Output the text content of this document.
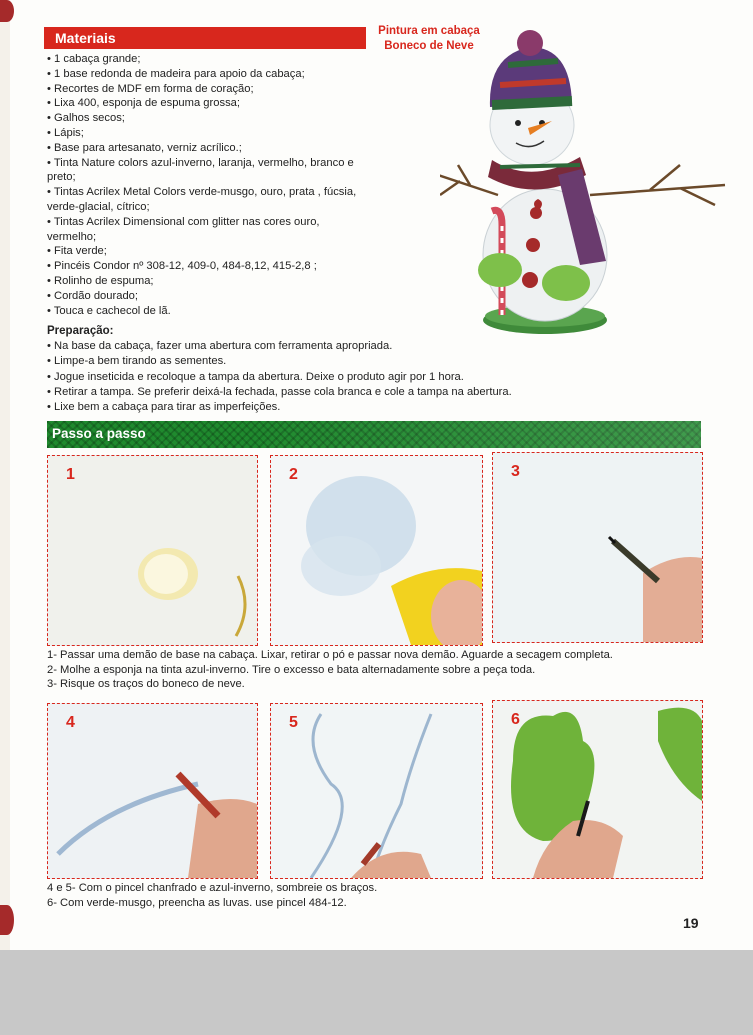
Materiais
• 1 cabaça grande;
• 1 base redonda de madeira para apoio da cabaça;
• Recortes de MDF em forma de coração;
• Lixa 400, esponja de espuma grossa;
• Galhos secos;
• Lápis;
• Base para artesanato, verniz acrílico.;
• Tinta Nature colors azul-inverno, laranja, vermelho, branco e preto;
• Tintas Acrilex Metal Colors verde-musgo, ouro, prata , fúcsia, verde-glacial, cítrico;
• Tintas Acrilex Dimensional com glitter nas cores ouro, vermelho;
• Fita verde;
• Pincéis Condor nº 308-12, 409-0, 484-8,12, 415-2,8 ;
• Rolinho de espuma;
• Cordão dourado;
• Touca e cachecol de lã.
Pintura em cabaça
Boneco de Neve
Preparação:
• Na base da cabaça, fazer uma abertura com ferramenta apropriada.
• Limpe-a bem tirando as sementes.
• Jogue inseticida e recoloque a tampa da abertura. Deixe o produto agir por 1 hora.
• Retirar a tampa. Se preferir deixá-la fechada, passe cola branca e cole a tampa na abertura.
• Lixe bem a cabaça para tirar as imperfeições.
Passo a passo
1	2	3
1- Passar uma demão de base na cabaça. Lixar, retirar o pó e passar nova demão. Aguarde a secagem completa.
2- Molhe a esponja na tinta azul-inverno. Tire o excesso e bata alternadamente sobre a peça toda.
3- Risque os traços do boneco de neve.
4	5	6
4 e 5- Com o pincel chanfrado e azul-inverno, sombreie os braços.
6- Com verde-musgo, preencha as luvas. use pincel 484-12.
19
